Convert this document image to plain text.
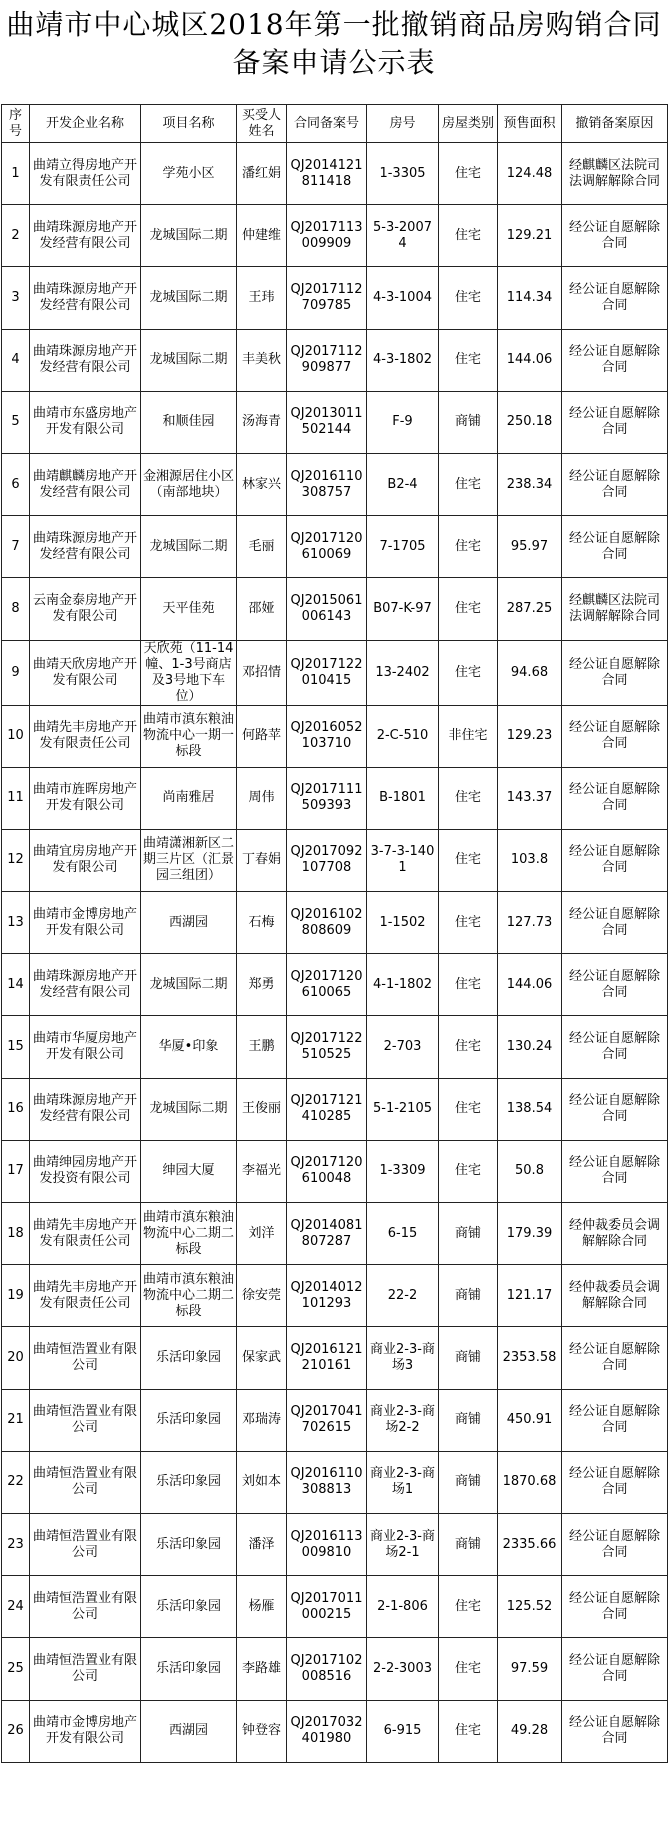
曲靖市中心城区2018年第一批撤销商品房购销合同
备案申请公示表
序号	开发企业名称	项目名称	买受人姓名	合同备案号	房号	房屋类别	预售面积	撤销备案原因
1	曲靖立得房地产开发有限责任公司	学苑小区	潘红娟	QJ2014121811418	1-3305	住宅	124.48	经麒麟区法院司法调解解除合同
2	曲靖珠源房地产开发经营有限公司	龙城国际二期	仲建维	QJ2017113009909	5-3-20074	住宅	129.21	经公证自愿解除合同
3	曲靖珠源房地产开发经营有限公司	龙城国际二期	王玮	QJ2017112709785	4-3-1004	住宅	114.34	经公证自愿解除合同
4	曲靖珠源房地产开发经营有限公司	龙城国际二期	丰美秋	QJ2017112909877	4-3-1802	住宅	144.06	经公证自愿解除合同
5	曲靖市东盛房地产开发有限公司	和顺佳园	汤海青	QJ2013011502144	F-9	商铺	250.18	经公证自愿解除合同
6	曲靖麒麟房地产开发经营有限公司	金湘源居住小区（南部地块）	林家兴	QJ2016110308757	B2-4	住宅	238.34	经公证自愿解除合同
7	曲靖珠源房地产开发经营有限公司	龙城国际二期	毛丽	QJ2017120610069	7-1705	住宅	95.97	经公证自愿解除合同
8	云南金泰房地产开发有限公司	天平佳苑	邵娅	QJ2015061006143	B07-K-97	住宅	287.25	经麒麟区法院司法调解解除合同
9	曲靖天欣房地产开发有限公司	天欣苑（11-14幢、1-3号商店及3号地下车位）	邓招情	QJ2017122010415	13-2402	住宅	94.68	经公证自愿解除合同
10	曲靖先丰房地产开发有限责任公司	曲靖市滇东粮油物流中心一期一标段	何路苹	QJ2016052103710	2-C-510	非住宅	129.23	经公证自愿解除合同
11	曲靖市旌晖房地产开发有限公司	尚南雅居	周伟	QJ2017111509393	B-1801	住宅	143.37	经公证自愿解除合同
12	曲靖宜房房地产开发有限公司	曲靖潇湘新区二期三片区（汇景园三组团）	丁春娟	QJ2017092107708	3-7-3-1401	住宅	103.8	经公证自愿解除合同
13	曲靖市金博房地产开发有限公司	西湖园	石梅	QJ2016102808609	1-1502	住宅	127.73	经公证自愿解除合同
14	曲靖珠源房地产开发经营有限公司	龙城国际二期	郑勇	QJ2017120610065	4-1-1802	住宅	144.06	经公证自愿解除合同
15	曲靖市华厦房地产开发有限公司	华厦•印象	王鹏	QJ2017122510525	2-703	住宅	130.24	经公证自愿解除合同
16	曲靖珠源房地产开发经营有限公司	龙城国际二期	王俊丽	QJ2017121410285	5-1-2105	住宅	138.54	经公证自愿解除合同
17	曲靖绅园房地产开发投资有限公司	绅园大厦	李福光	QJ2017120610048	1-3309	住宅	50.8	经公证自愿解除合同
18	曲靖先丰房地产开发有限责任公司	曲靖市滇东粮油物流中心二期二标段	刘洋	QJ2014081807287	6-15	商铺	179.39	经仲裁委员会调解解除合同
19	曲靖先丰房地产开发有限责任公司	曲靖市滇东粮油物流中心二期二标段	徐安莞	QJ2014012101293	22-2	商铺	121.17	经仲裁委员会调解解除合同
20	曲靖恒浩置业有限公司	乐活印象园	保家武	QJ2016121210161	商业2-3-商场3	商铺	2353.58	经公证自愿解除合同
21	曲靖恒浩置业有限公司	乐活印象园	邓瑞涛	QJ2017041702615	商业2-3-商场2-2	商铺	450.91	经公证自愿解除合同
22	曲靖恒浩置业有限公司	乐活印象园	刘如本	QJ2016110308813	商业2-3-商场1	商铺	1870.68	经公证自愿解除合同
23	曲靖恒浩置业有限公司	乐活印象园	潘泽	QJ2016113009810	商业2-3-商场2-1	商铺	2335.66	经公证自愿解除合同
24	曲靖恒浩置业有限公司	乐活印象园	杨雁	QJ2017011000215	2-1-806	住宅	125.52	经公证自愿解除合同
25	曲靖恒浩置业有限公司	乐活印象园	李路雄	QJ2017102008516	2-2-3003	住宅	97.59	经公证自愿解除合同
26	曲靖市金博房地产开发有限公司	西湖园	钟登容	QJ2017032401980	6-915	住宅	49.28	经公证自愿解除合同
